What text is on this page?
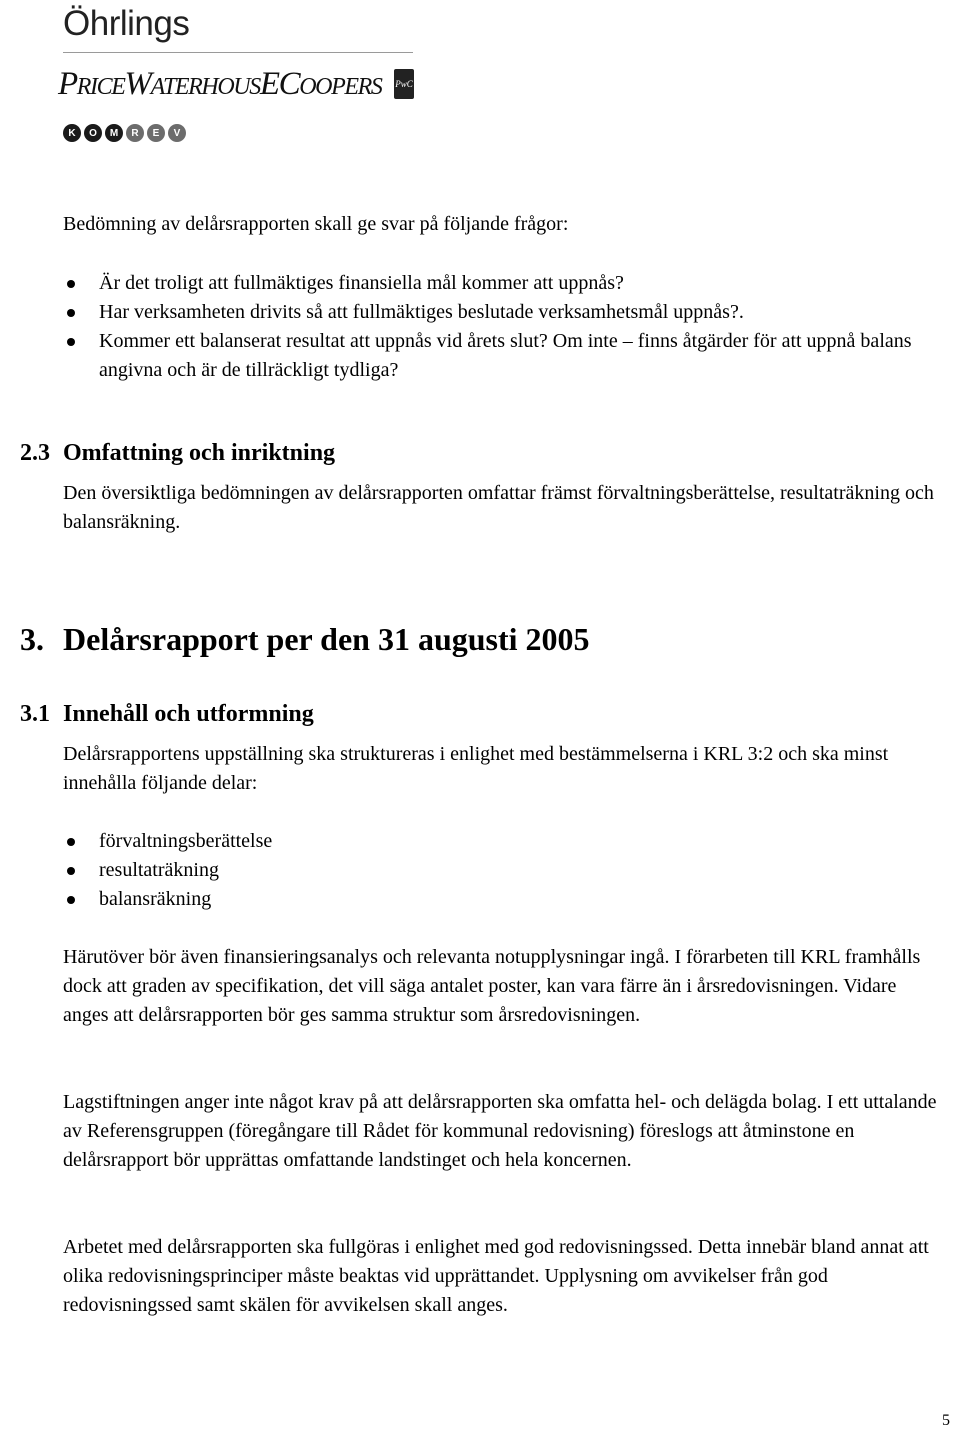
Öhrlings
PRICEWATERHOUSECOOPERS PwC
K	O	M	R	E	V

Bedömning av delårsrapporten skall ge svar på följande frågor:

Är det troligt att fullmäktiges finansiella mål kommer att uppnås?
Har verksamheten drivits så att fullmäktiges beslutade verksamhetsmål uppnås?.
Kommer ett balanserat resultat att uppnås vid årets slut? Om inte – finns åtgärder för att uppnå balans angivna och är de tillräckligt tydliga?
2.3 Omfattning och inriktning

Den översiktliga bedömningen av delårsrapporten omfattar främst förvaltningsberättelse, resultaträkning och balansräkning.

3. Delårsrapport per den 31 augusti 2005
3.1 Innehåll och utformning

Delårsrapportens uppställning ska struktureras i enlighet med bestämmelserna i KRL 3:2 och ska minst innehålla följande delar:

förvaltningsberättelse
resultaträkning
balansräkning

Härutöver bör även finansieringsanalys och relevanta notupplysningar ingå. I förarbeten till KRL framhålls dock att graden av specifikation, det vill säga antalet poster, kan vara färre än i årsredovisningen. Vidare anges att delårsrapporten bör ges samma struktur som årsredovisningen.

Lagstiftningen anger inte något krav på att delårsrapporten ska omfatta hel- och delägda bolag. I ett uttalande av Referensgruppen (föregångare till Rådet för kommunal redovisning) föreslogs att åtminstone en delårsrapport bör upprättas omfattande landstinget och hela koncernen.

Arbetet med delårsrapporten ska fullgöras i enlighet med god redovisningssed. Detta innebär bland annat att olika redovisningsprinciper måste beaktas vid upprättandet. Upplysning om avvikelser från god redovisningssed samt skälen för avvikelsen skall anges.

5
